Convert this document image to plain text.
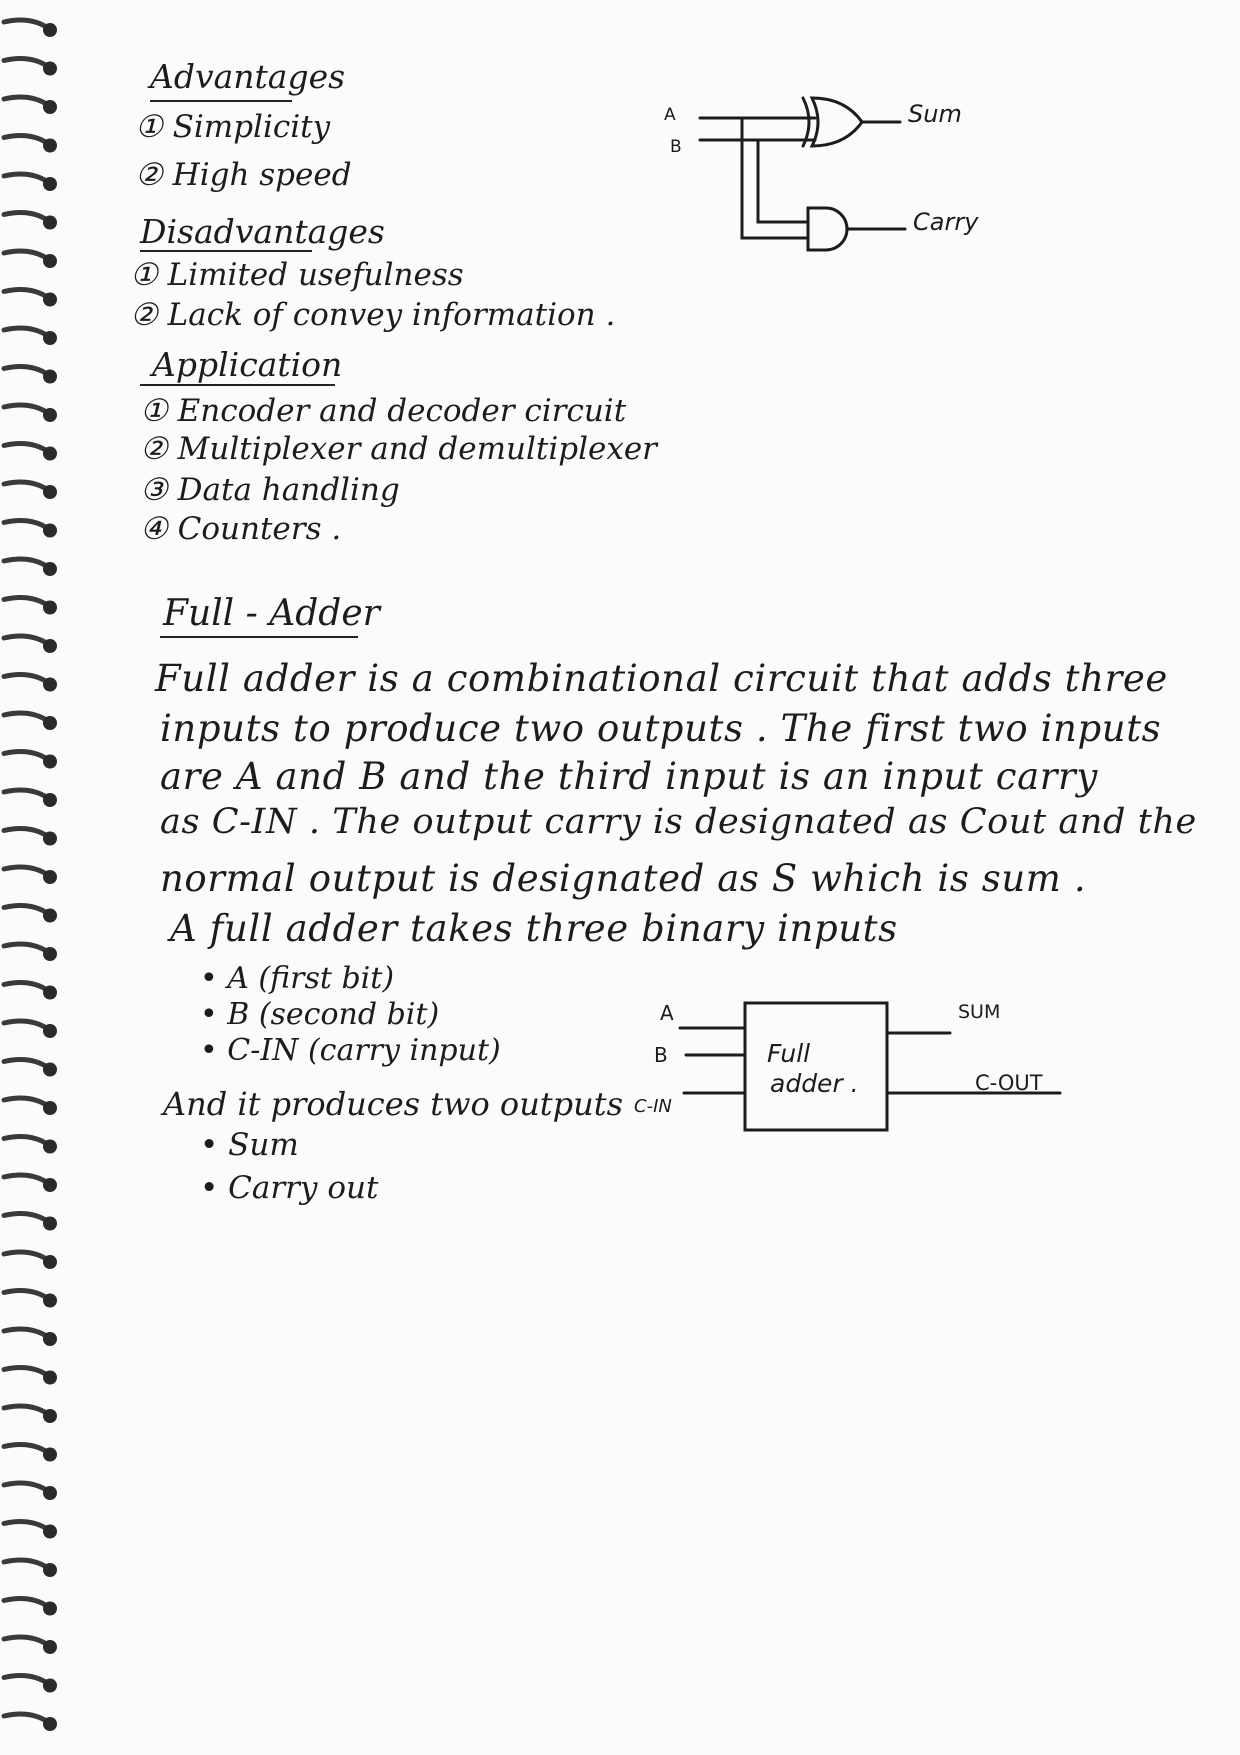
Advantages
① Simplicity
② High speed
Disadvantages
① Limited usefulness
② Lack of convey information .
Application
① Encoder and decoder circuit
② Multiplexer and demultiplexer
③ Data handling
④ Counters .
Full - Adder
Full adder is a combinational circuit that adds three
inputs to produce two outputs . The first two inputs
are A and B and the third input is an input carry
as C-IN . The output carry is designated as Cout and the
normal output is designated as S which is sum .
A full adder takes three binary inputs
• A (first bit)
• B (second bit)
• C-IN (carry input)
And it produces two outputs
• Sum
• Carry out
A
B
Sum
Carry
A
B
C-IN
Full
adder .
SUM
C-OUT
